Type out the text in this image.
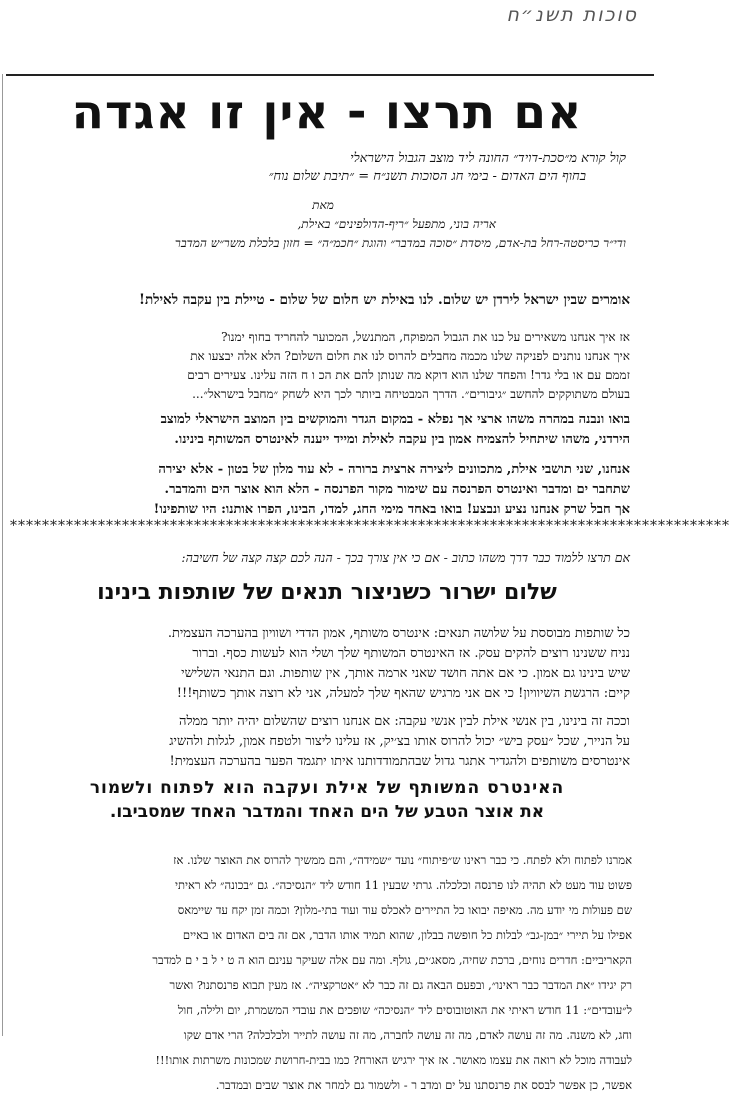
סוכות תשנ״ח
אם תרצו - אין זו אגדה
קול קורא מ״סכת-דויד״ החונה ליד מוצב הגבול הישראלי
בחוף הים האדום - בימי חג הסוכות תשנ״ח = ״תיבת שלום נוח״
מאת
אריה בוני, מתפעל ״ריף-הדולפינים״ באילת,
ודי״ר כריסטה-רחל בת-אדם, מיסדת ״סוכה במדבר״ והוגת ״חכמ״ה״ = חזון בלכלת משר״ש המדבר
אומרים שבין ישראל לירדן יש שלום. לנו באילת יש חלום של שלום - טיילת בין עקבה לאילת!
אז איך אנחנו משאירים על כנו את הגבול המפוקח, המתנשל, המכוער להחריד בחוף ימנו?
איך אנחנו נותנים לפניקה שלנו מכמה מחבלים להרוס לנו את חלום השלום? הלא אלה יבצעו את
זממם עם או בלי גדר! והפחד שלנו הוא דוקא מה שנותן להם את הכ ו ח הזה עלינו. צעירים רבים
בעולם משתוקקים להחשב ״גיבורים״. הדרך המבטיחה ביותר לכך היא לשחק ״מחבל בישראל״...
בואו ונבנה במהרה משהו ארצי אך נפלא - במקום הגדר והמוקשים בין המוצב הישראלי למוצב
הירדני, משהו שיתחיל להצמיח אמון בין עקבה לאילת ומייד ייענה לאינטרס המשותף בינינו.
אנחנו, שני תושבי אילת, מתכוונים ליצירה ארצית ברורה - לא עוד מלון של בטון - אלא יצירה
שתחבר ים ומדבר ואינטרס הפרנסה עם שימור מקור הפרנסה - הלא הוא אוצר הים והמדבר.
אך חבל שרק אנחנו נציע ונבצע! בואו באחד מימי החג, למדו, הבינו, הפרו אותנו: היו שותפינו!
******************************************************************************************
אם תרצו ללמוד כבר דרך משהו כתוב - אם כי אין צורך בכך - הנה לכם קצה קצה של חשיבה:
שלום ישרור כשניצור תנאים של שותפות בינינו
כל שותפות מבוססת על שלושה תנאים: אינטרס משותף, אמון הדדי ושוויון בהערכה העצמית.
נניח ששנינו רוצים להקים עסק. אז האינטרס המשותף שלך ושלי הוא לעשות כסף. וברור
שיש בינינו גם אמון. כי אם אתה חושד שאני ארמה אותך, אין שותפות. וגם התנאי השלישי
קיים: הרגשת השיוויון! כי אם אני מרגיש שהאף שלך למעלה, אני לא רוצה אותך כשותף!!!
וככה זה בינינו, בין אנשי אילת לבין אנשי עקבה: אם אנחנו רוצים שהשלום יהיה יותר ממלה
על הנייר, שכל ״עסק ביש״ יכול להרוס אותו בצ׳יק, אז עלינו ליצור ולטפח אמון, לגלות ולהשיג
אינטרסים משותפים ולהגדיר אתגר גדול שבהתמודדותנו איתו יתגמד הפער בהערכה העצמית!
האינטרס המשותף של אילת ועקבה הוא לפתוח ולשמור
את אוצר הטבע של הים האחד והמדבר האחד שמסביבו.
אמרנו לפתוח ולא לפתח. כי כבר ראינו ש״פיתוח״ נועד ״שמידה״, והם ממשיך להרוס את האוצר שלנו. אז
פשוט עוד מעט לא תהיה לנו פרנסה וכלכלה. גרתי שבעין 11 חודש ליד ״הנסיכה״. גם ״בכונה״ לא ראיתי
שם פעולות מי יודע מה. מאיפה יבואו כל התיירים לאכלס עוד ועוד בתי-מלון? וכמה זמן יקח עד שיימאס
אפילו על תיירי ״במן-גב״ לבלות כל חופשה בבלון, שהוא תמיד אותו הדבר, אם זה בים האדום או באיים
הקאריביים: חדרים נוחים, ברכת שחיה, מסאג׳ים, גולף. ומה עם אלה שעיקר ענינם הוא ה ט י ל ב י ם למדבר
רק יגידו ״את המדבר כבר ראינו״, ובפעם הבאה גם זה כבר לא ״אטרקציה״. אז מעין תבוא פרנסתנו? ואשר
ל״עובדים״: 11 חודש ראיתי את האוטובוסים ליד ״הנסיכה״ שופכים את עובדי המשמרת, יום ולילה, חול
וחג, לא משנה. מה זה עושה לאדם, מה זה עושה לחברה, מה זה עושה לתייר ולכלכלה? הרי אדם שקו
לעבודה מוכל לא רואה את עצמו מאושר. אז איך ירגיש האורח? כמו בבית-חרושת שמכונות משרתות אותו!!!
אפשר, כן אפשר לבסס את פרנסתנו על ים ומדב ר - ולשמור גם למחר את אוצר שבים ובמדבר.
